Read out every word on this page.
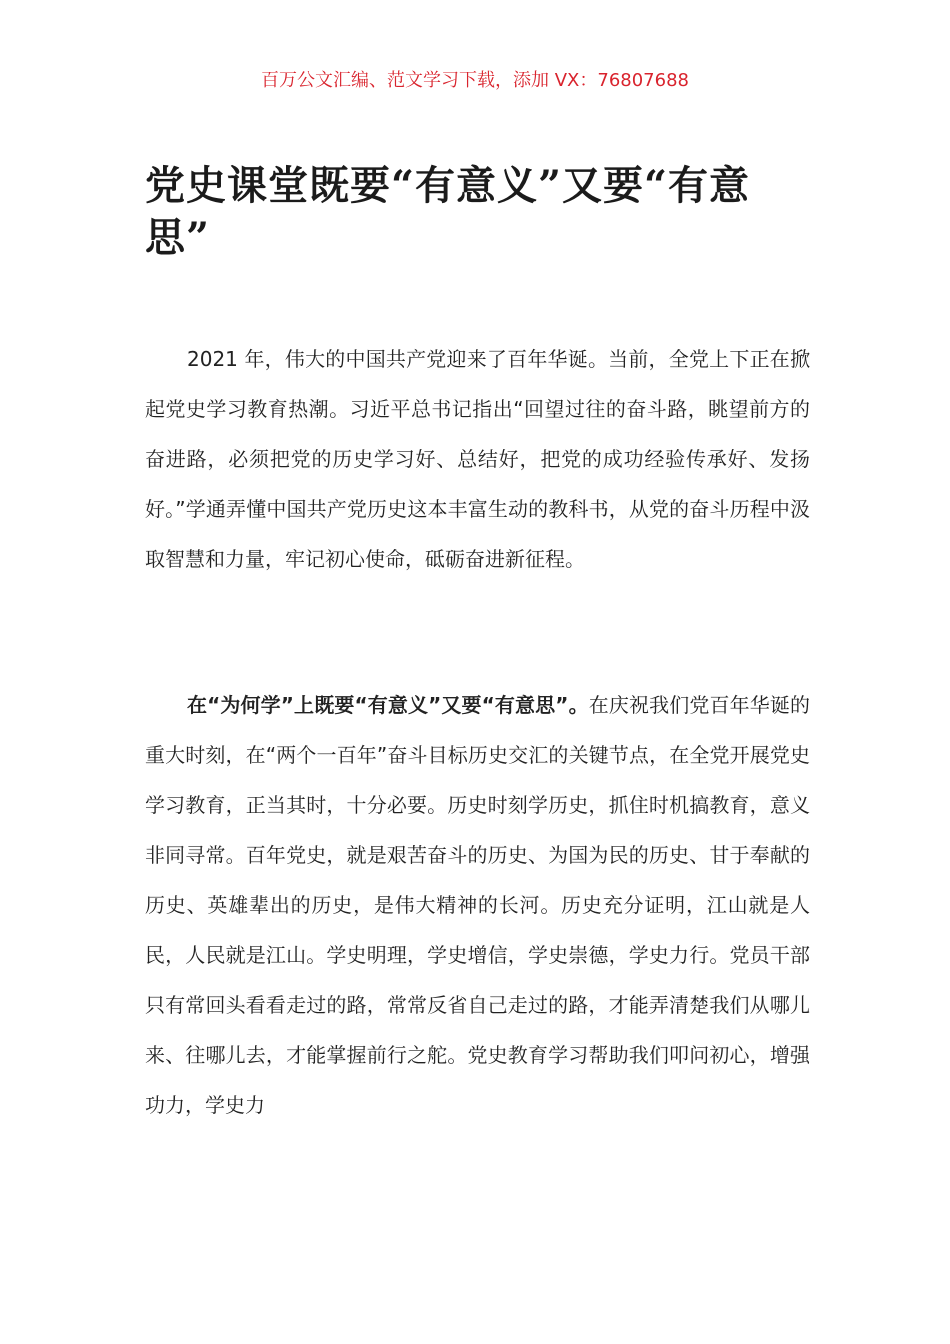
百万公文汇编、范文学习下载，添加 VX：76807688
党史课堂既要“有意义”又要“有意思”

2021 年，伟大的中国共产党迎来了百年华诞。当前，全党上下正在掀起党史学习教育热潮。习近平总书记指出“回望过往的奋斗路，眺望前方的奋进路，必须把党的历史学习好、总结好，把党的成功经验传承好、发扬好。”学通弄懂中国共产党历史这本丰富生动的教科书，从党的奋斗历程中汲取智慧和力量，牢记初心使命，砥砺奋进新征程。

在“为何学”上既要“有意义”又要“有意思”。在庆祝我们党百年华诞的重大时刻，在“两个一百年”奋斗目标历史交汇的关键节点，在全党开展党史学习教育，正当其时，十分必要。历史时刻学历史，抓住时机搞教育，意义非同寻常。百年党史，就是艰苦奋斗的历史、为国为民的历史、甘于奉献的历史、英雄辈出的历史，是伟大精神的长河。历史充分证明，江山就是人民，人民就是江山。学史明理，学史增信，学史崇德，学史力行。党员干部只有常回头看看走过的路，常常反省自己走过的路，才能弄清楚我们从哪儿来、往哪儿去，才能掌握前行之舵。党史教育学习帮助我们叩问初心，增强功力，学史力
